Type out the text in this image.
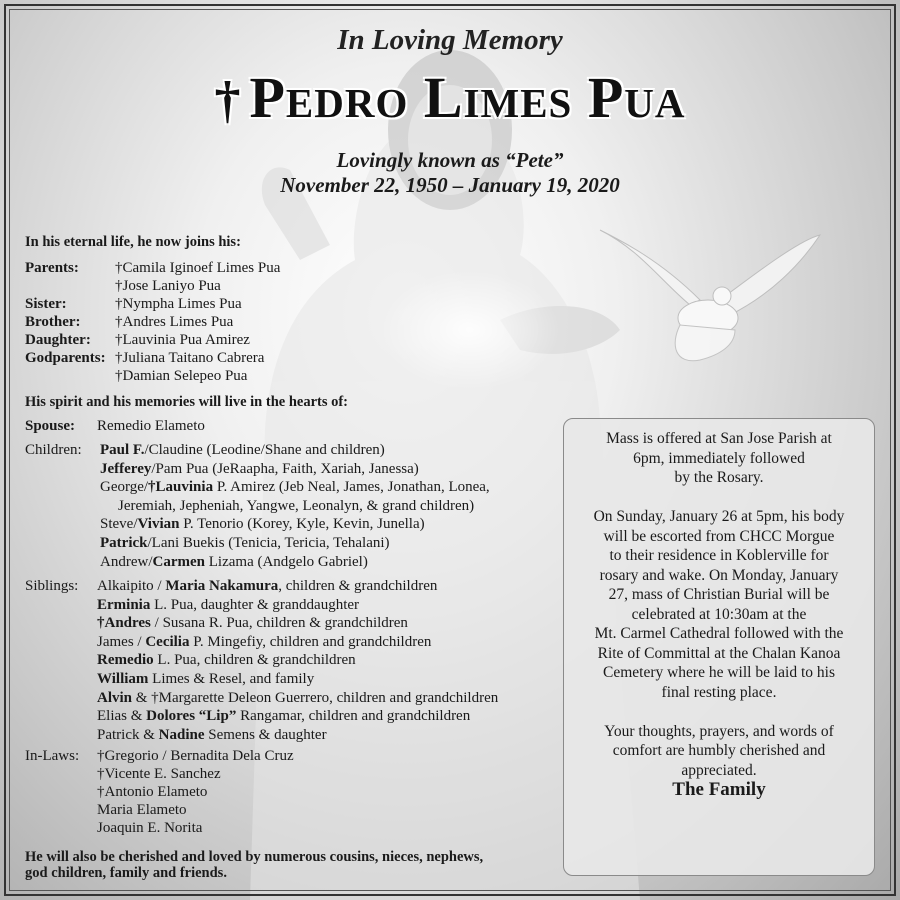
In Loving Memory
† Pedro Limes Pua
Lovingly known as “Pete”
November 22, 1950 – January 19, 2020
In his eternal life, he now joins his:
Parents: †Camila Iginoef Limes Pua
†Jose Laniyo Pua
Sister:	†Nympha Limes Pua
Brother: †Andres Limes Pua
Daughter: †Lauvinia Pua Amirez
Godparents: †Juliana Taitano Cabrera
†Damian Selepeo Pua
His spirit and his memories will live in the hearts of:
Spouse: Remedio Elameto
Children: Paul F./Claudine (Leodine/Shane and children)
Jefferey/Pam Pua (JeRaapha, Faith, Xariah, Janessa)
George/†Lauvinia P. Amirez (Jeb Neal, James, Jonathan, Lonea,
Jeremiah, Jepheniah, Yangwe, Leonalyn, & grand children)
Steve/Vivian P. Tenorio (Korey, Kyle, Kevin, Junella)
Patrick/Lani Buekis (Tenicia, Tericia, Tehalani)
Andrew/Carmen Lizama (Andgelo Gabriel)
Siblings: Alkaipito / Maria Nakamura, children & grandchildren
Erminia L. Pua, daughter & granddaughter
†Andres / Susana R. Pua, children & grandchildren
James / Cecilia P. Mingefiy, children and grandchildren
Remedio L. Pua, children & grandchildren
William Limes & Resel, and family
Alvin & †Margarette Deleon Guerrero, children and grandchildren
Elias & Dolores “Lip” Rangamar, children and grandchildren
Patrick & Nadine Semens & daughter
In-Laws: †Gregorio / Bernadita Dela Cruz
†Vicente E. Sanchez
†Antonio Elameto
Maria Elameto
Joaquin E. Norita
He will also be cherished and loved by numerous cousins, nieces, nephews,
god children, family and friends.

Mass is offered at San Jose Parish at

6pm, immediately followed

by the Rosary.

On Sunday, January 26 at 5pm, his body

will be escorted from CHCC Morgue

to their residence in Koblerville for

rosary and wake. On Monday, January

27, mass of Christian Burial will be

celebrated at 10:30am at the

Mt. Carmel Cathedral followed with the

Rite of Committal at the Chalan Kanoa

Cemetery where he will be laid to his

final resting place.

Your thoughts, prayers, and words of

comfort are humbly cherished and

appreciated.

The Family
